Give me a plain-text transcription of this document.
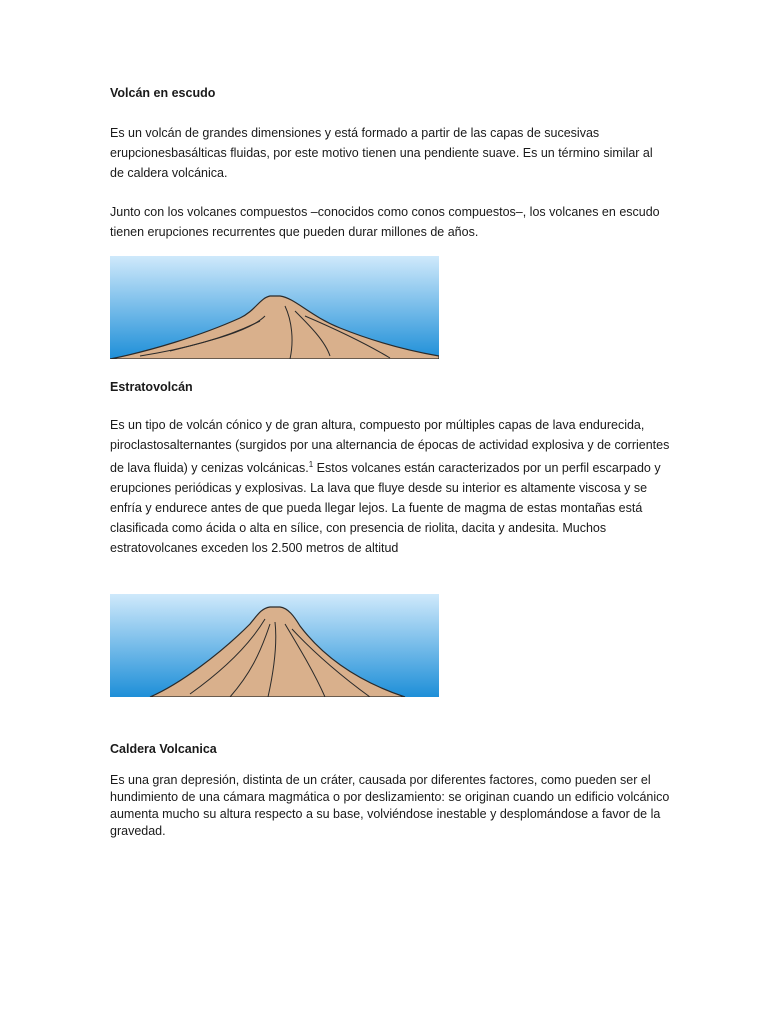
Volcán en escudo

Es un volcán de grandes dimensiones y está formado a partir de las capas de sucesivas erupcionesbasálticas fluidas, por este motivo tienen una pendiente suave. Es un término similar al de caldera volcánica.

Junto con los volcanes compuestos –conocidos como conos compuestos–, los volcanes en escudo tienen erupciones recurrentes que pueden durar millones de años.

Estratovolcán

Es un tipo de volcán cónico y de gran altura, compuesto por múltiples capas de lava endurecida, piroclastosalternantes (surgidos por una alternancia de épocas de actividad explosiva y de corrientes de lava fluida) y cenizas volcánicas.$^1$ Estos volcanes están caracterizados por un perfil escarpado y erupciones periódicas y explosivas. La lava que fluye desde su interior es altamente viscosa y se enfría y endurece antes de que pueda llegar lejos. La fuente de magma de estas montañas está clasificada como ácida o alta en sílice, con presencia de riolita, dacita y andesita. Muchos estratovolcanes exceden los 2.500 metros de altitud

Caldera Volcanica

Es una gran depresión, distinta de un cráter, causada por diferentes factores, como pueden ser el hundimiento de una cámara magmática o por deslizamiento: se originan cuando un edificio volcánico aumenta mucho su altura respecto a su base, volviéndose inestable y desplomándose a favor de la gravedad.
